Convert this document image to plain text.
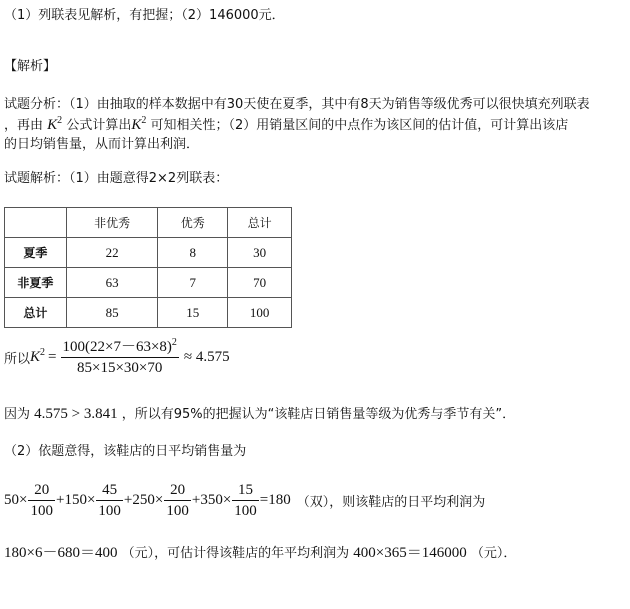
（1）列联表见解析，有把握；（2）146000元．
【解析】
试题分析：（1）由抽取的样本数据中有30天使在夏季，其中有8天为销售等级优秀可以很快填充列联表
，再由 $K^2$ 公式计算出$K^2$ 可知相关性；（2）用销量区间的中点作为该区间的估计值，可计算出该店
的日均销售量，从而计算出利润．
试题解析：（1）由题意得2×2列联表：
	非优秀	优秀	总计
夏季	22	8	30
非夏季	63	7	70
总计	85	15	100
所以 $K^2 = \frac{100(22\times 7-63\times 8)^2}{85\times 15\times 30\times 70} \approx 4.575$
因为 4.575 > 3.841 ，所以有95%的把握认为“该鞋店日销售量等级为优秀与季节有关”．
（2）依题意得，该鞋店的日平均销售量为
$50\times \frac{20}{100} + 150\times \frac{45}{100} + 250\times \frac{20}{100} + 350\times \frac{15}{100} =180$ （双），则该鞋店的日平均利润为
180×6－680＝400 （元），可估计得该鞋店的年平均利润为 400×365＝146000 （元）．
